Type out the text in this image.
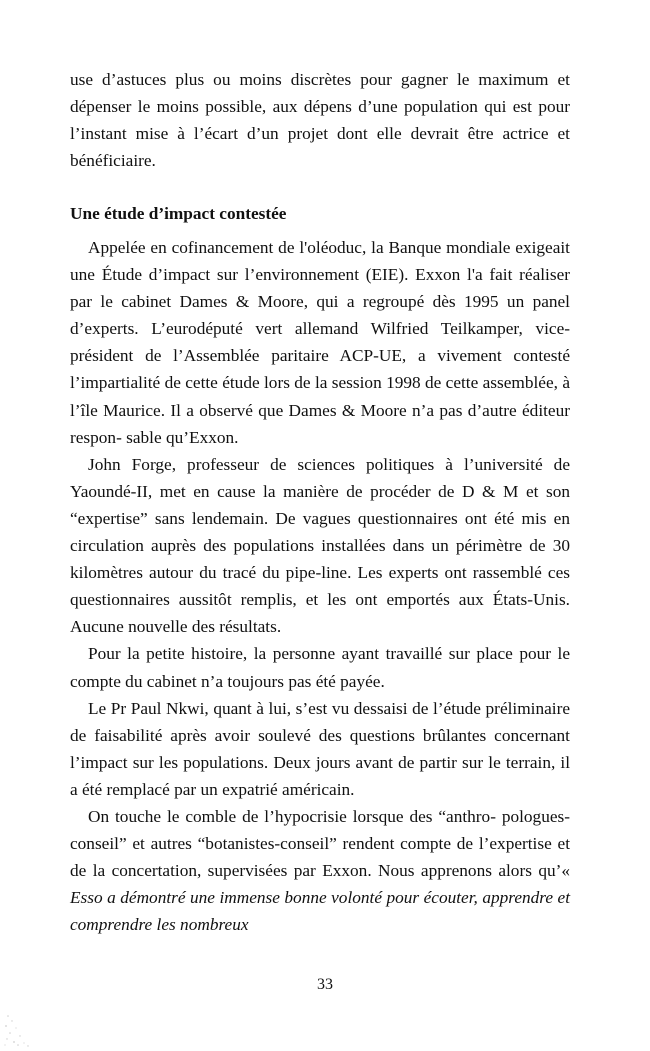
use d’astuces plus ou moins discrètes pour gagner le maximum et dépenser le moins possible, aux dépens d’une population qui est pour l’instant mise à l’écart d’un projet dont elle devrait être actrice et bénéficiaire.

Une étude d’impact contestée

Appelée en cofinancement de l'oléoduc, la Banque mondiale exigeait une Étude d’impact sur l’environnement (EIE). Exxon l'a fait réaliser par le cabinet Dames & Moore, qui a regroupé dès 1995 un panel d’experts. L’eurodéputé vert allemand Wilfried Teilkamper, vice-président de l’Assemblée paritaire ACP-UE, a vivement contesté l’impartialité de cette étude lors de la session 1998 de cette assemblée, à l’île Maurice. Il a observé que Dames & Moore n’a pas d’autre éditeur respon- sable qu’Exxon.

John Forge, professeur de sciences politiques à l’université de Yaoundé-II, met en cause la manière de procéder de D & M et son “expertise” sans lendemain. De vagues questionnaires ont été mis en circulation auprès des populations installées dans un périmètre de 30 kilomètres autour du tracé du pipe-line. Les experts ont rassemblé ces questionnaires aussitôt remplis, et les ont emportés aux États-Unis. Aucune nouvelle des résultats.

Pour la petite histoire, la personne ayant travaillé sur place pour le compte du cabinet n’a toujours pas été payée.

Le Pr Paul Nkwi, quant à lui, s’est vu dessaisi de l’étude préliminaire de faisabilité après avoir soulevé des questions brûlantes concernant l’impact sur les populations. Deux jours avant de partir sur le terrain, il a été remplacé par un expatrié américain.

On touche le comble de l’hypocrisie lorsque des “anthro- pologues-conseil” et autres “botanistes-conseil” rendent compte de l’expertise et de la concertation, supervisées par Exxon. Nous apprenons alors qu’« Esso a démontré une immense bonne volonté pour écouter, apprendre et comprendre les nombreux

33
